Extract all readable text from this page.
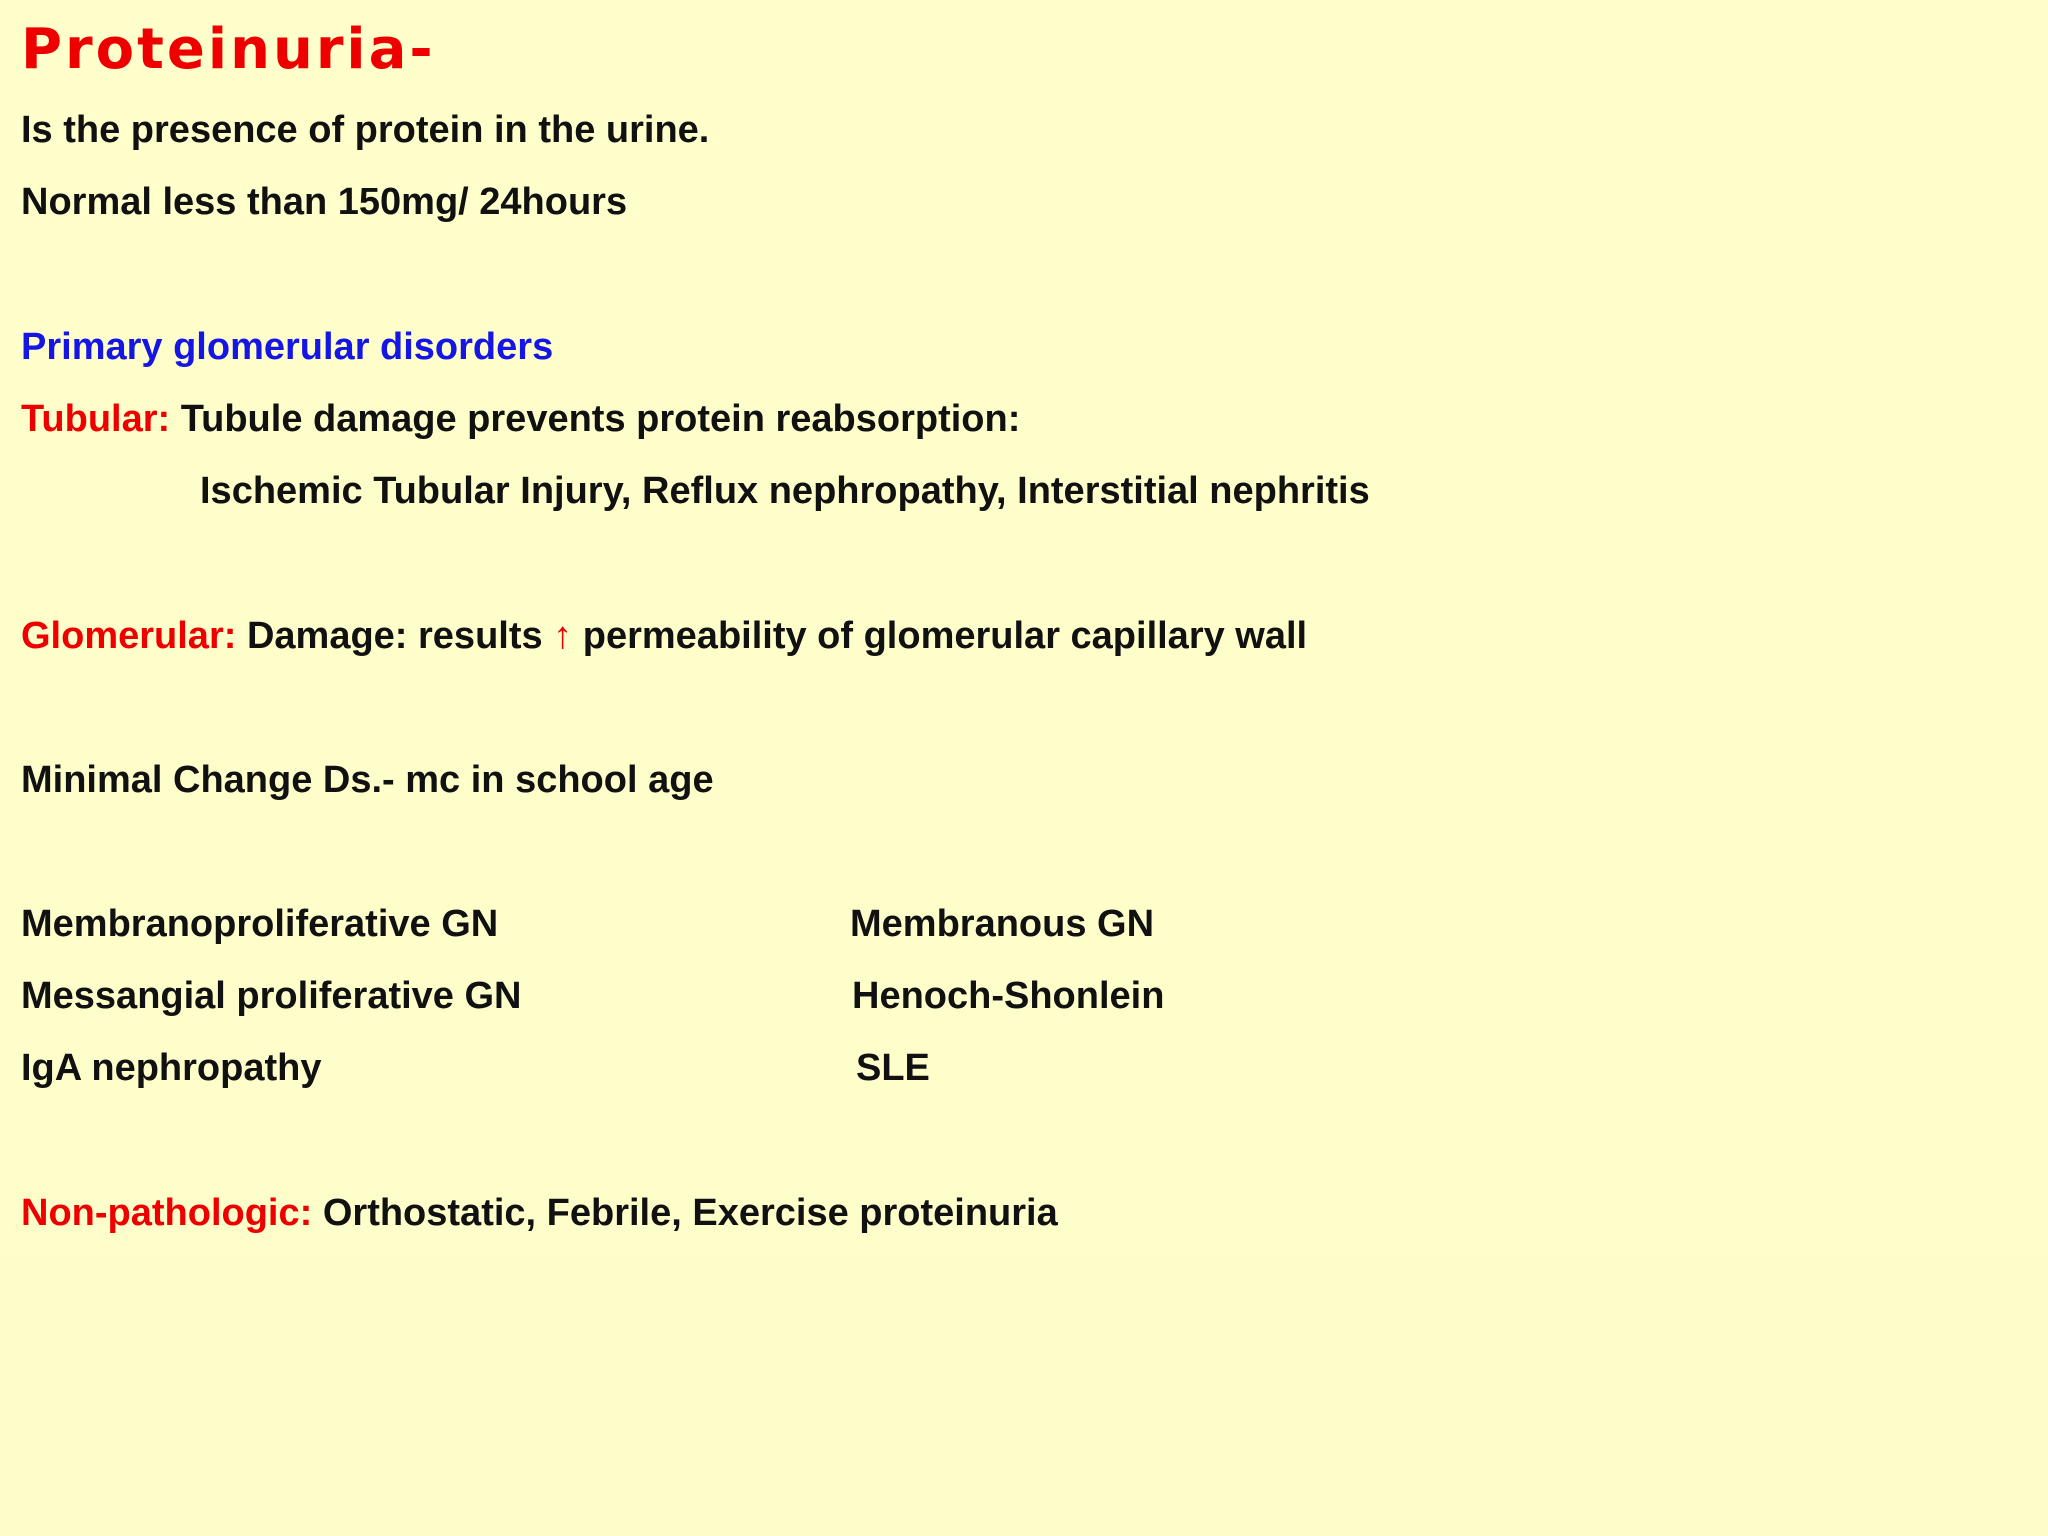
Proteinuria-
Is the presence of protein in the urine.
Normal less than 150mg/ 24hours
Primary glomerular disorders
Tubular: Tubule damage prevents protein reabsorption:
Ischemic Tubular Injury, Reflux nephropathy, Interstitial nephritis
Glomerular: Damage: results ↑ permeability of glomerular capillary wall
Minimal Change Ds.- mc in school age
Membranoproliferative GN
Messangial proliferative GN
IgA nephropathy
Membranous GN
Henoch-Shonlein
SLE
Non-pathologic: Orthostatic, Febrile, Exercise proteinuria
